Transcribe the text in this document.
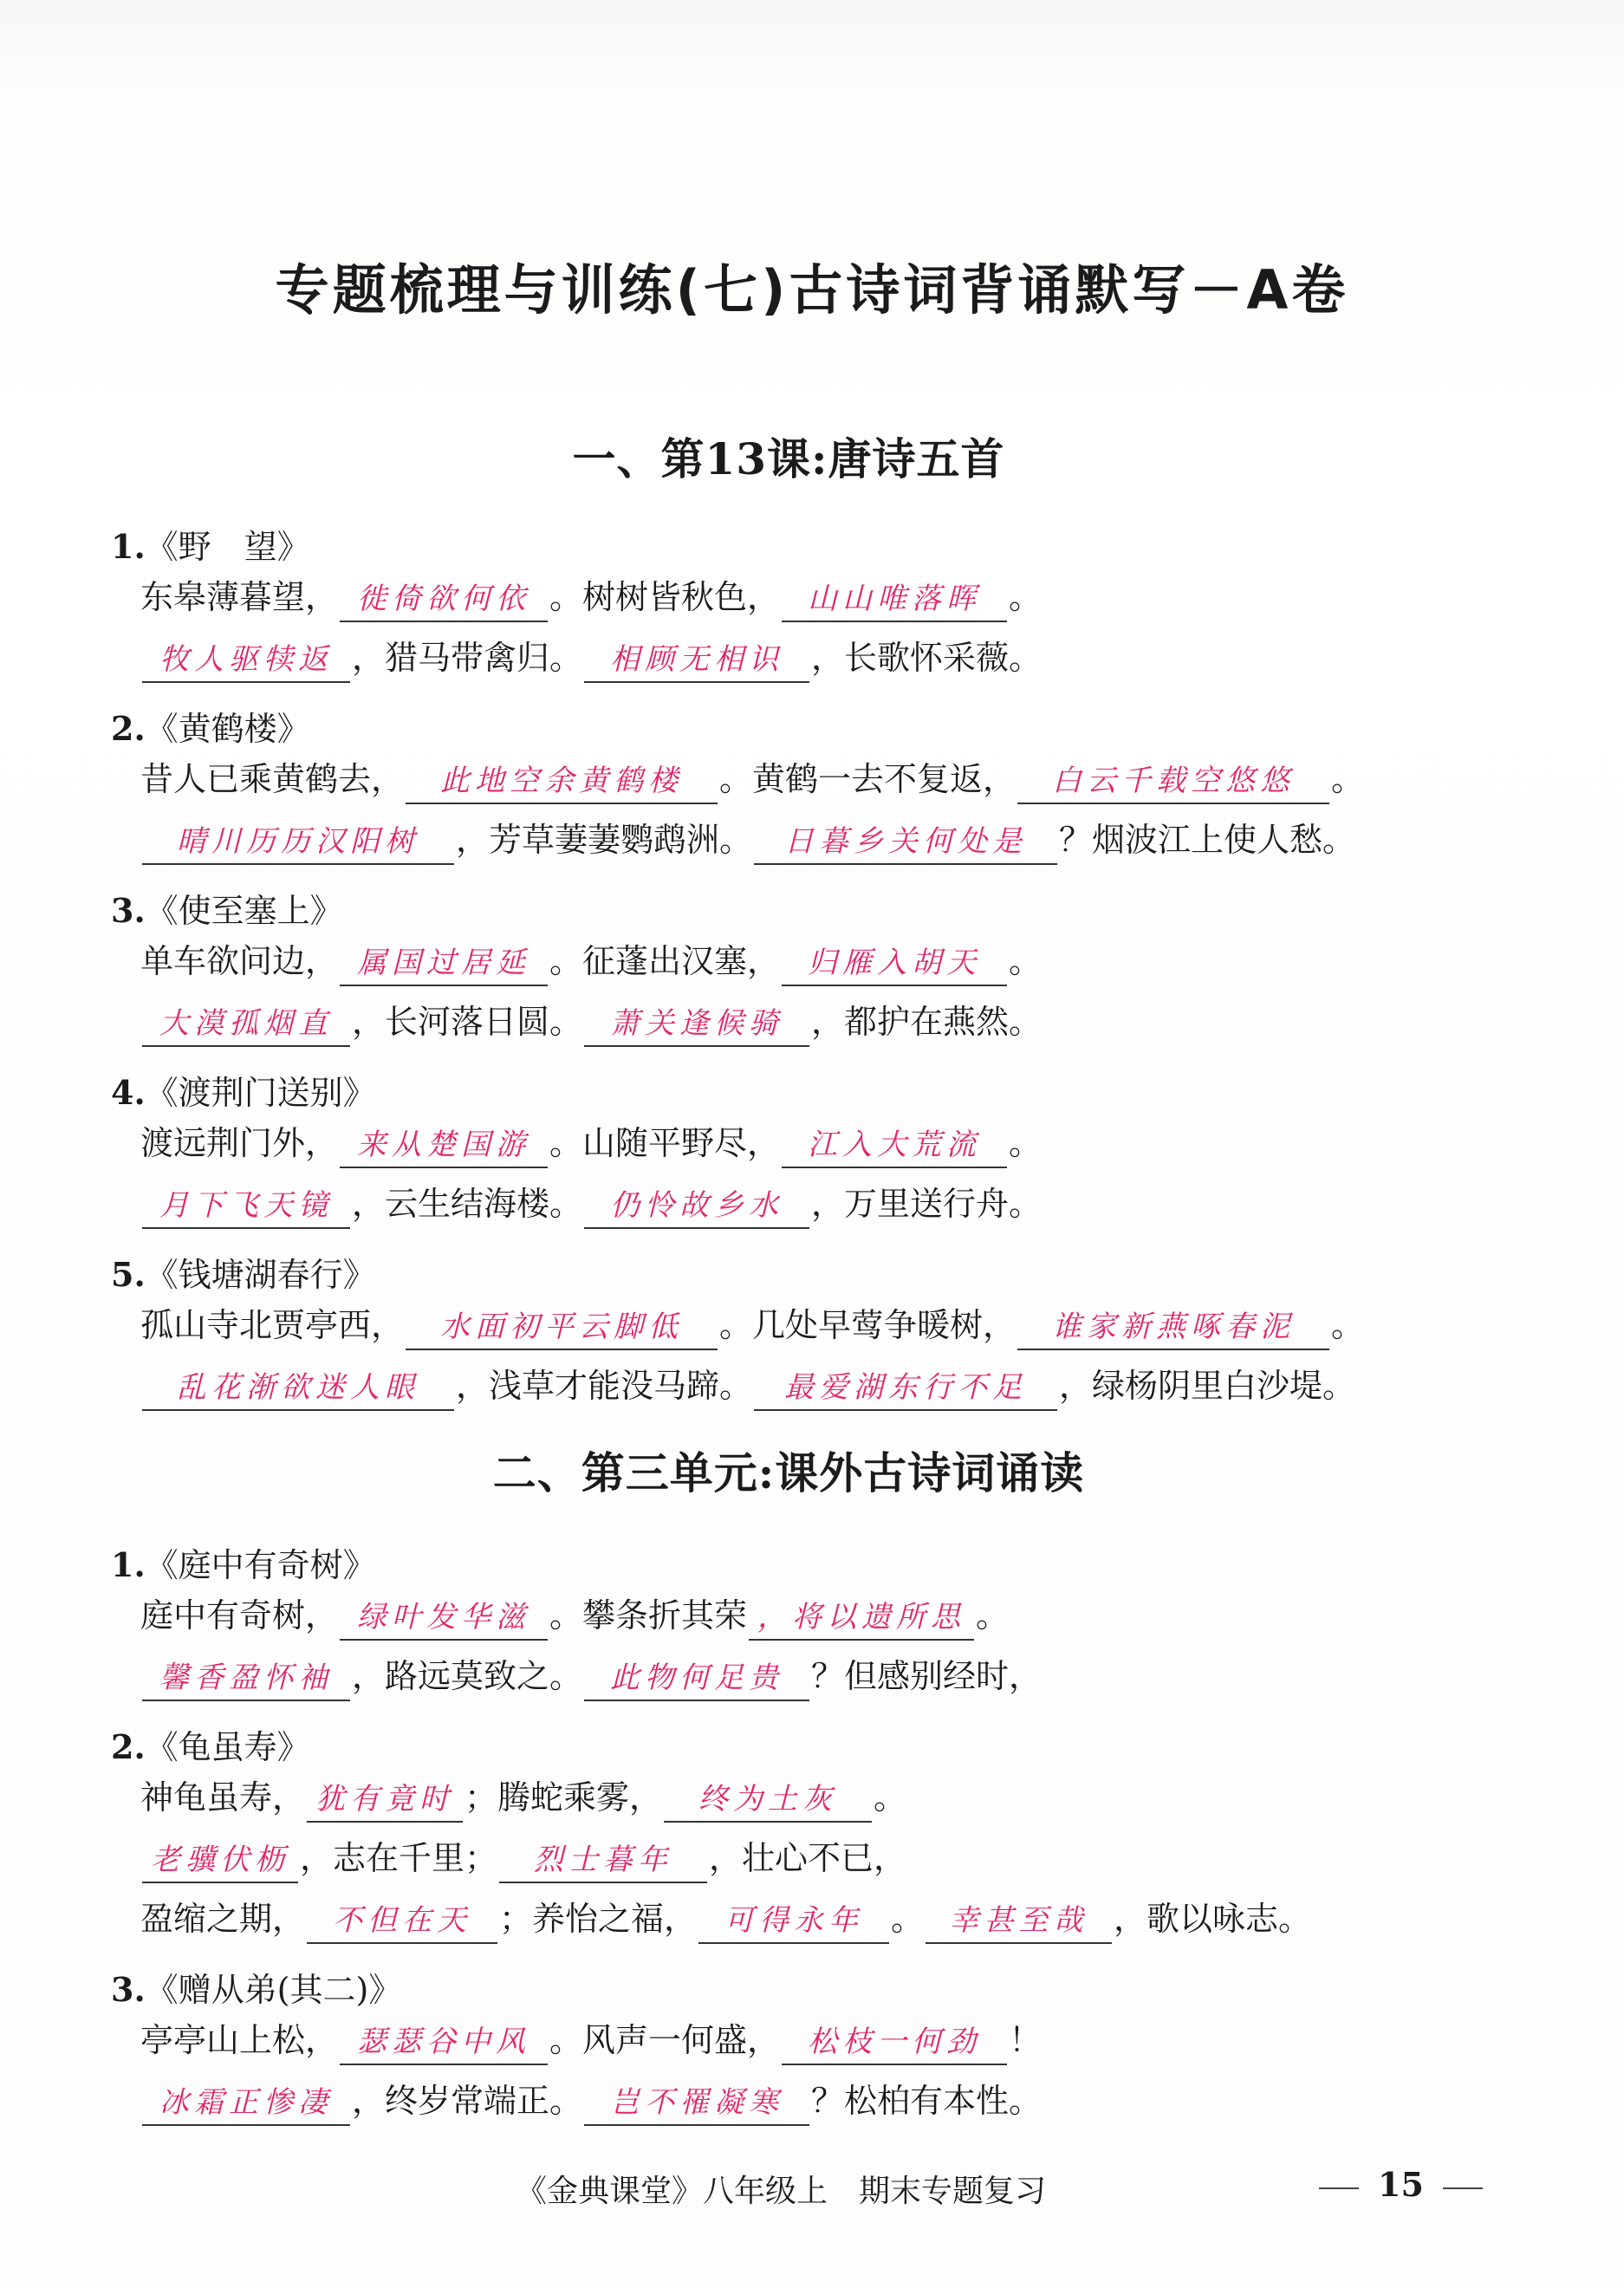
专题梳理与训练(七)古诗词背诵默写－A卷
一、第13课:唐诗五首
1.《野　望》
东皋薄暮望， 徙倚欲何依 。树树皆秋色， 山山唯落晖 。
牧人驱犊返 ，猎马带禽归。 相顾无相识 ，长歌怀采薇。
2.《黄鹤楼》
昔人已乘黄鹤去， 此地空余黄鹤楼 。黄鹤一去不复返， 白云千载空悠悠 。
晴川历历汉阳树 ，芳草萋萋鹦鹉洲。 日暮乡关何处是 ？烟波江上使人愁。
3.《使至塞上》
单车欲问边， 属国过居延 。征蓬出汉塞， 归雁入胡天 。
大漠孤烟直 ，长河落日圆。 萧关逢候骑 ，都护在燕然。
4.《渡荆门送别》
渡远荆门外， 来从楚国游 。山随平野尽， 江入大荒流 。
月下飞天镜 ，云生结海楼。 仍怜故乡水 ，万里送行舟。
5.《钱塘湖春行》
孤山寺北贾亭西， 水面初平云脚低 。几处早莺争暖树， 谁家新燕啄春泥 。
乱花渐欲迷人眼 ，浅草才能没马蹄。 最爱湖东行不足 ，绿杨阴里白沙堤。
二、第三单元:课外古诗词诵读
1.《庭中有奇树》
庭中有奇树， 绿叶发华滋 。攀条折其荣 ，将以遗所思 。
馨香盈怀袖 ，路远莫致之。 此物何足贵 ？但感别经时，
2.《龟虽寿》
神龟虽寿， 犹有竟时 ；腾蛇乘雾， 终为土灰 。
老骥伏枥 ，志在千里； 烈士暮年 ，壮心不已，
盈缩之期， 不但在天 ；养怡之福， 可得永年 。 幸甚至哉 ，歌以咏志。
3.《赠从弟(其二)》
亭亭山上松， 瑟瑟谷中风 。风声一何盛， 松枝一何劲 ！
冰霜正惨凄 ，终岁常端正。 岂不罹凝寒 ？松柏有本性。
《金典课堂》八年级上　期末专题复习	15
